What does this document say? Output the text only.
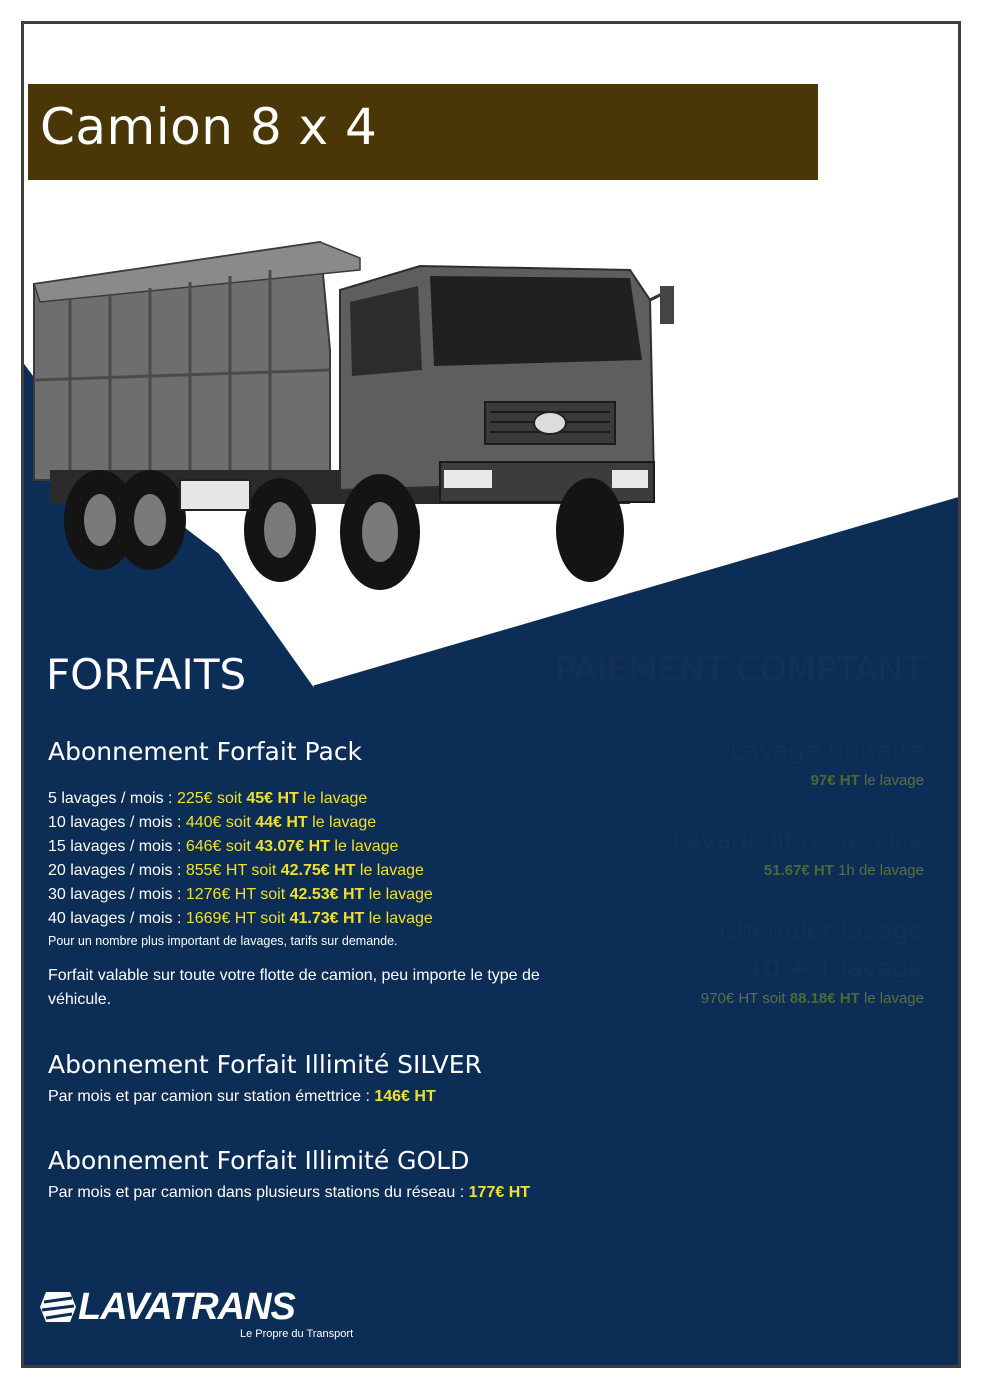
Camion 8 x 4
FORFAITS	PAIEMENT COMPTANT
Abonnement Forfait Pack
5 lavages / mois : 225€ soit 45€ HT le lavage
10 lavages / mois : 440€ soit 44€ HT le lavage
15 lavages / mois : 646€ soit 43.07€ HT le lavage
20 lavages / mois : 855€ HT soit 42.75€ HT le lavage
30 lavages / mois : 1276€ HT soit 42.53€ HT le lavage
40 lavages / mois : 1669€ HT soit 41.73€ HT le lavage
Pour un nombre plus important de lavages, tarifs sur demande.
Forfait valable sur toute votre flotte de camion, peu importe le type de véhicule.
Abonnement Forfait Illimité SILVER
Par mois et par camion sur station émettrice : 146€ HT
Abonnement Forfait Illimité GOLD
Par mois et par camion dans plusieurs stations du réseau : 177€ HT
Lavage unitaire
97€ HT le lavage
Lavage libre-service
51.67€ HT 1h de lavage
Chéquier lavage
10 + 1 lavage
970€ HT soit 88.18€ HT le lavage
LAVATRANS
Le Propre du Transport
